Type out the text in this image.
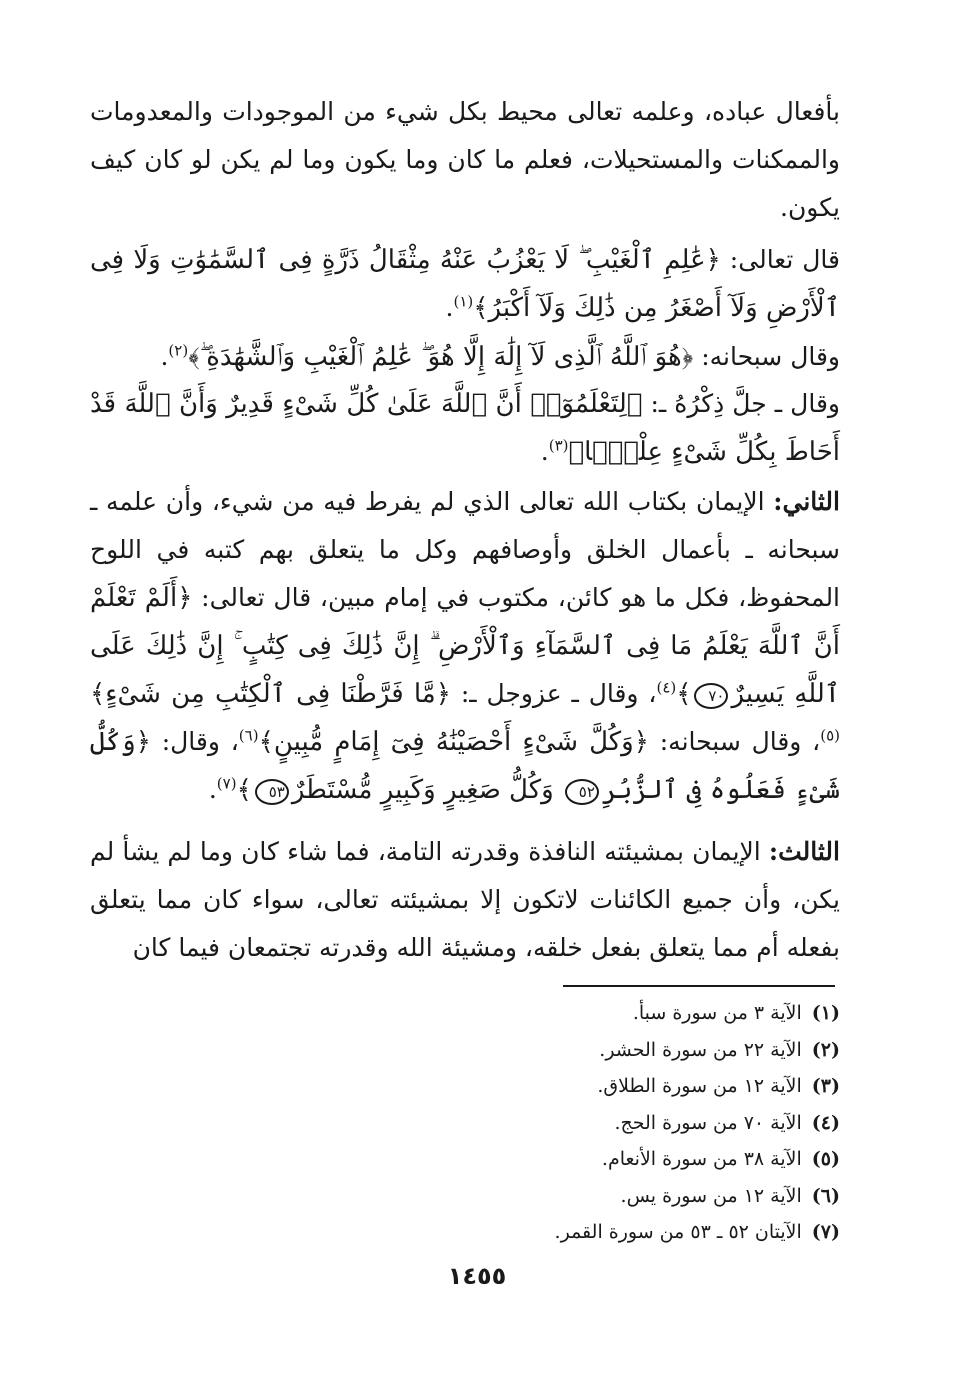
بأفعال عباده، وعلمه تعالى محيط بكل شيء من الموجودات والمعدومات والممكنات والمستحيلات، فعلم ما كان وما يكون وما لم يكن لو كان كيف يكون.

قال تعالى: ﴿عَٰلِمِ ٱلْغَيْبِ ۖ لَا يَعْزُبُ عَنْهُ مِثْقَالُ ذَرَّةٍ فِى ٱلسَّمَٰوَٰتِ وَلَا فِى ٱلْأَرْضِ وَلَآ أَصْغَرُ مِن ذَٰلِكَ وَلَآ أَكْبَرُ﴾$^{(١)}$.

وقال سبحانه: ﴿هُوَ ٱللَّهُ ٱلَّذِى لَآ إِلَٰهَ إِلَّا هُوَ ۖ عَٰلِمُ ٱلْغَيْبِ وَٱلشَّهَٰدَةِ ۖ﴾$^{(٢)}$.

وقال ـ جلَّ ذِكْرُهُ ـ: ﴿لِتَعْلَمُوٓا۟ أَنَّ ٱللَّهَ عَلَىٰ كُلِّ شَىْءٍ قَدِيرٌ وَأَنَّ ٱللَّهَ قَدْ أَحَاطَ بِكُلِّ شَىْءٍ عِلْمًۢا﴾$^{(٣)}$.

الثاني: الإيمان بكتاب الله تعالى الذي لم يفرط فيه من شيء، وأن علمه ـ سبحانه ـ بأعمال الخلق وأوصافهم وكل ما يتعلق بهم كتبه في اللوح المحفوظ، فكل ما هو كائن، مكتوب في إمام مبين، قال تعالى: ﴿أَلَمْ تَعْلَمْ أَنَّ ٱللَّهَ يَعْلَمُ مَا فِى ٱلسَّمَآءِ وَٱلْأَرْضِ ۗ إِنَّ ذَٰلِكَ فِى كِتَٰبٍ ۚ إِنَّ ذَٰلِكَ عَلَى ٱللَّهِ يَسِيرٌ٧٠﴾$^{(٤)}$، وقال ـ عزوجل ـ: ﴿مَّا فَرَّطْنَا فِى ٱلْكِتَٰبِ مِن شَىْءٍ﴾$^{(٥)}$، وقال سبحانه: ﴿وَكُلَّ شَىْءٍ أَحْصَيْنَٰهُ فِىٓ إِمَامٍ مُّبِينٍ﴾$^{(٦)}$، وقال: ﴿وَكُلُّ شَىْءٍ فَعَلُوهُ فِى ٱلزُّبُرِ٥٢ وَكُلُّ صَغِيرٍ وَكَبِيرٍ مُّسْتَطَرٌ٥٣﴾$^{(٧)}$.

الثالث: الإيمان بمشيئته النافذة وقدرته التامة، فما شاء كان وما لم يشأ لم يكن، وأن جميع الكائنات لاتكون إلا بمشيئته تعالى، سواء كان مما يتعلق بفعله أم مما يتعلق بفعل خلقه، ومشيئة الله وقدرته تجتمعان فيما كان

(١)الآية ٣ من سورة سبأ.
(٢)الآية ٢٢ من سورة الحشر.
(٣)الآية ١٢ من سورة الطلاق.
(٤)الآية ٧٠ من سورة الحج.
(٥)الآية ٣٨ من سورة الأنعام.
(٦)الآية ١٢ من سورة يس.
(٧)الآيتان ٥٢ ـ ٥٣ من سورة القمر.
١٤٥٥
